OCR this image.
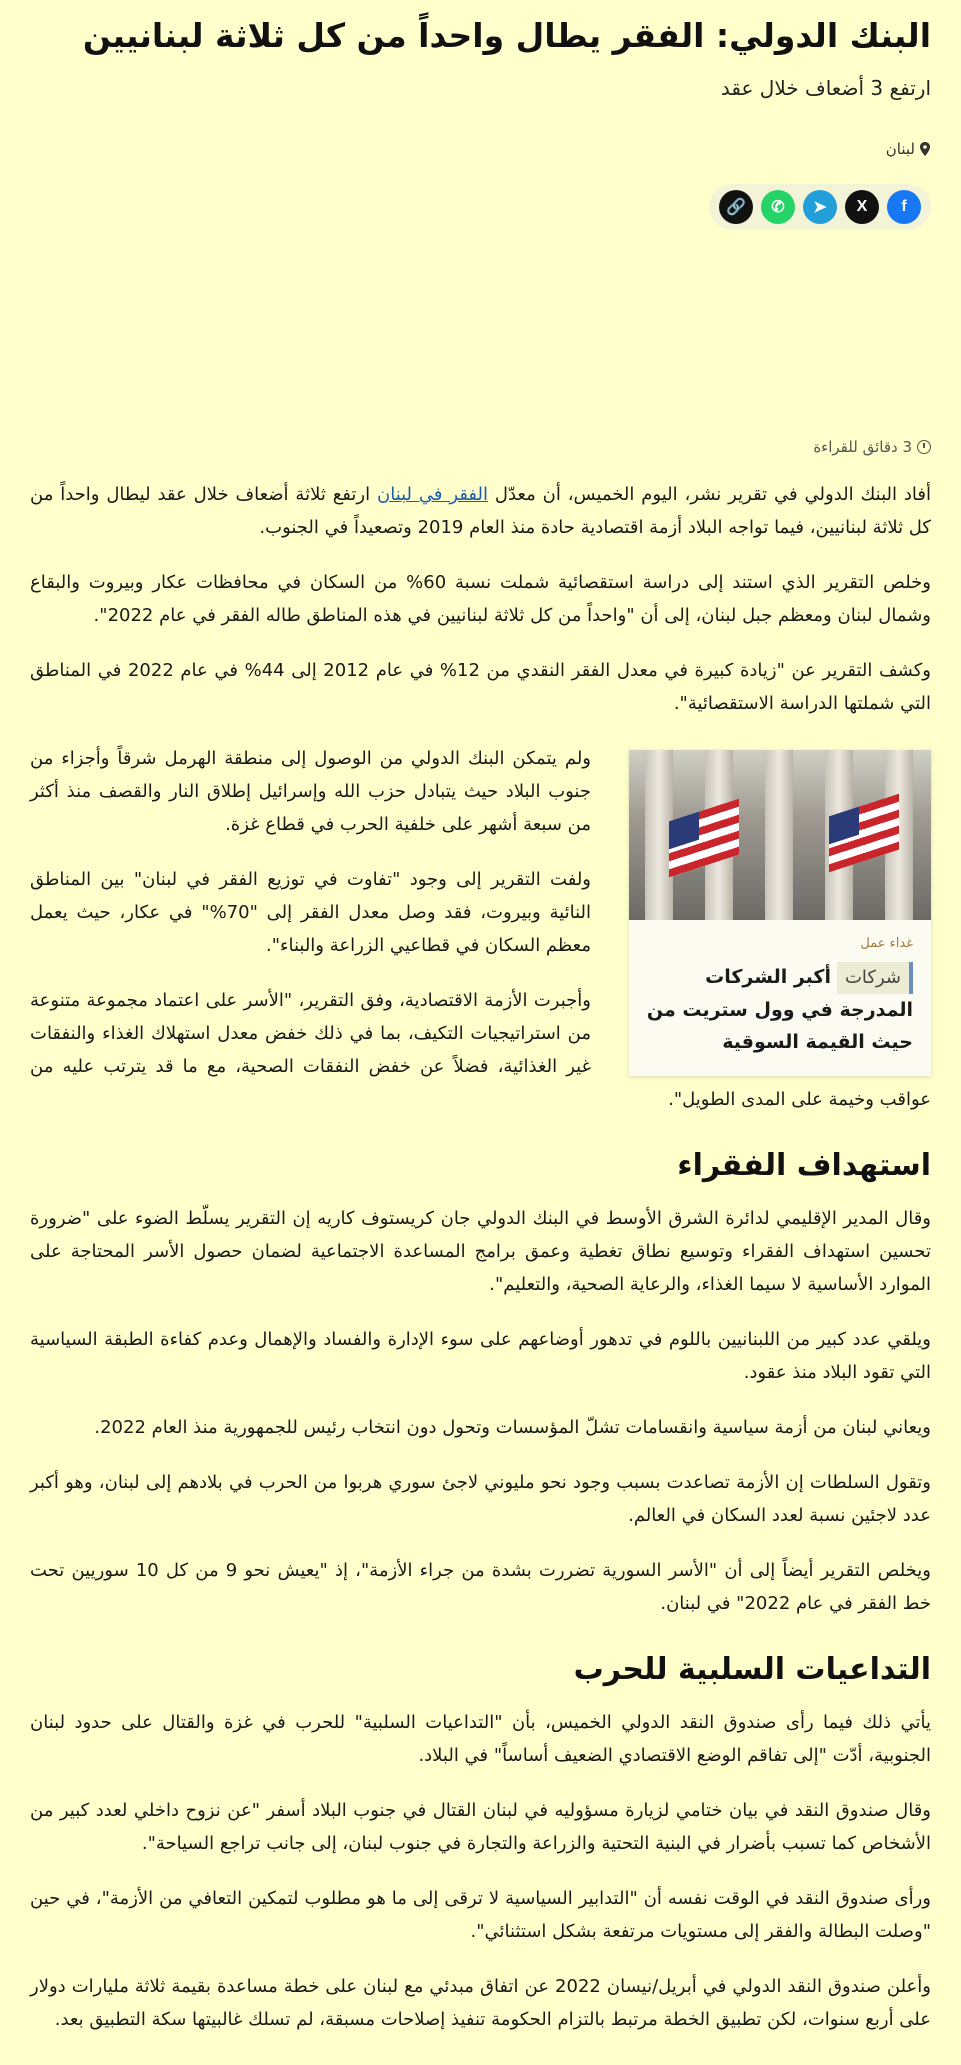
البنك الدولي: الفقر يطال واحداً من كل ثلاثة لبنانيين
ارتفع 3 أضعاف خلال عقد
لبنان
f
X
➤
✆
🔗
3 دقائق للقراءة

أفاد البنك الدولي في تقرير نشر، اليوم الخميس، أن معدّل الفقر في لبنان ارتفع ثلاثة أضعاف خلال عقد ليطال واحداً من كل ثلاثة لبنانيين، فيما تواجه البلاد أزمة اقتصادية حادة منذ العام 2019 وتصعيداً في الجنوب.

وخلص التقرير الذي استند إلى دراسة استقصائية شملت نسبة 60% من السكان في محافظات عكار وبيروت والبقاع وشمال لبنان ومعظم جبل لبنان، إلى أن "واحداً من كل ثلاثة لبنانيين في هذه المناطق طاله الفقر في عام 2022".

وكشف التقرير عن "زيادة كبيرة في معدل الفقر النقدي من 12% في عام 2012 إلى 44% في عام 2022 في المناطق التي شملتها الدراسة الاستقصائية".

غداء عمل
شركاتأكبر الشركات المدرجة في وول ستريت من حيث القيمة السوقية

ولم يتمكن البنك الدولي من الوصول إلى منطقة الهرمل شرقاً وأجزاء من جنوب البلاد حيث يتبادل حزب الله وإسرائيل إطلاق النار والقصف منذ أكثر من سبعة أشهر على خلفية الحرب في قطاع غزة.

ولفت التقرير إلى وجود "تفاوت في توزيع الفقر في لبنان" بين المناطق النائية وبيروت، فقد وصل معدل الفقر إلى "70%" في عكار، حيث يعمل معظم السكان في قطاعيي الزراعة والبناء".

وأجبرت الأزمة الاقتصادية، وفق التقرير، "الأسر على اعتماد مجموعة متنوعة من استراتيجيات التكيف، بما في ذلك خفض معدل استهلاك الغذاء والنفقات غير الغذائية، فضلاً عن خفض النفقات الصحية، مع ما قد يترتب عليه من عواقب وخيمة على المدى الطويل".

استهداف الفقراء

وقال المدير الإقليمي لدائرة الشرق الأوسط في البنك الدولي جان كريستوف كاريه إن التقرير يسلّط الضوء على "ضرورة تحسين استهداف الفقراء وتوسيع نطاق تغطية وعمق برامج المساعدة الاجتماعية لضمان حصول الأسر المحتاجة على الموارد الأساسية لا سيما الغذاء، والرعاية الصحية، والتعليم".

ويلقي عدد كبير من اللبنانيين باللوم في تدهور أوضاعهم على سوء الإدارة والفساد والإهمال وعدم كفاءة الطبقة السياسية التي تقود البلاد منذ عقود.

ويعاني لبنان من أزمة سياسية وانقسامات تشلّ المؤسسات وتحول دون انتخاب رئيس للجمهورية منذ العام 2022.

وتقول السلطات إن الأزمة تصاعدت بسبب وجود نحو مليوني لاجئ سوري هربوا من الحرب في بلادهم إلى لبنان، وهو أكبر عدد لاجئين نسبة لعدد السكان في العالم.

ويخلص التقرير أيضاً إلى أن "الأسر السورية تضررت بشدة من جراء الأزمة"، إذ "يعيش نحو 9 من كل 10 سوريين تحت خط الفقر في عام 2022" في لبنان.

التداعيات السلبية للحرب

يأتي ذلك فيما رأى صندوق النقد الدولي الخميس، بأن "التداعيات السلبية" للحرب في غزة والقتال على حدود لبنان الجنوبية، أدّت "إلى تفاقم الوضع الاقتصادي الضعيف أساساً" في البلاد.

وقال صندوق النقد في بيان ختامي لزيارة مسؤوليه في لبنان القتال في جنوب البلاد أسفر "عن نزوح داخلي لعدد كبير من الأشخاص كما تسبب بأضرار في البنية التحتية والزراعة والتجارة في جنوب لبنان، إلى جانب تراجع السياحة".

ورأى صندوق النقد في الوقت نفسه أن "التدابير السياسية لا ترقى إلى ما هو مطلوب لتمكين التعافي من الأزمة"، في حين "وصلت البطالة والفقر إلى مستويات مرتفعة بشكل استثنائي".

وأعلن صندوق النقد الدولي في أبريل/نيسان 2022 عن اتفاق مبدئي مع لبنان على خطة مساعدة بقيمة ثلاثة مليارات دولار على أربع سنوات، لكن تطبيق الخطة مرتبط بالتزام الحكومة تنفيذ إصلاحات مسبقة، لم تسلك غالبيتها سكة التطبيق بعد.
